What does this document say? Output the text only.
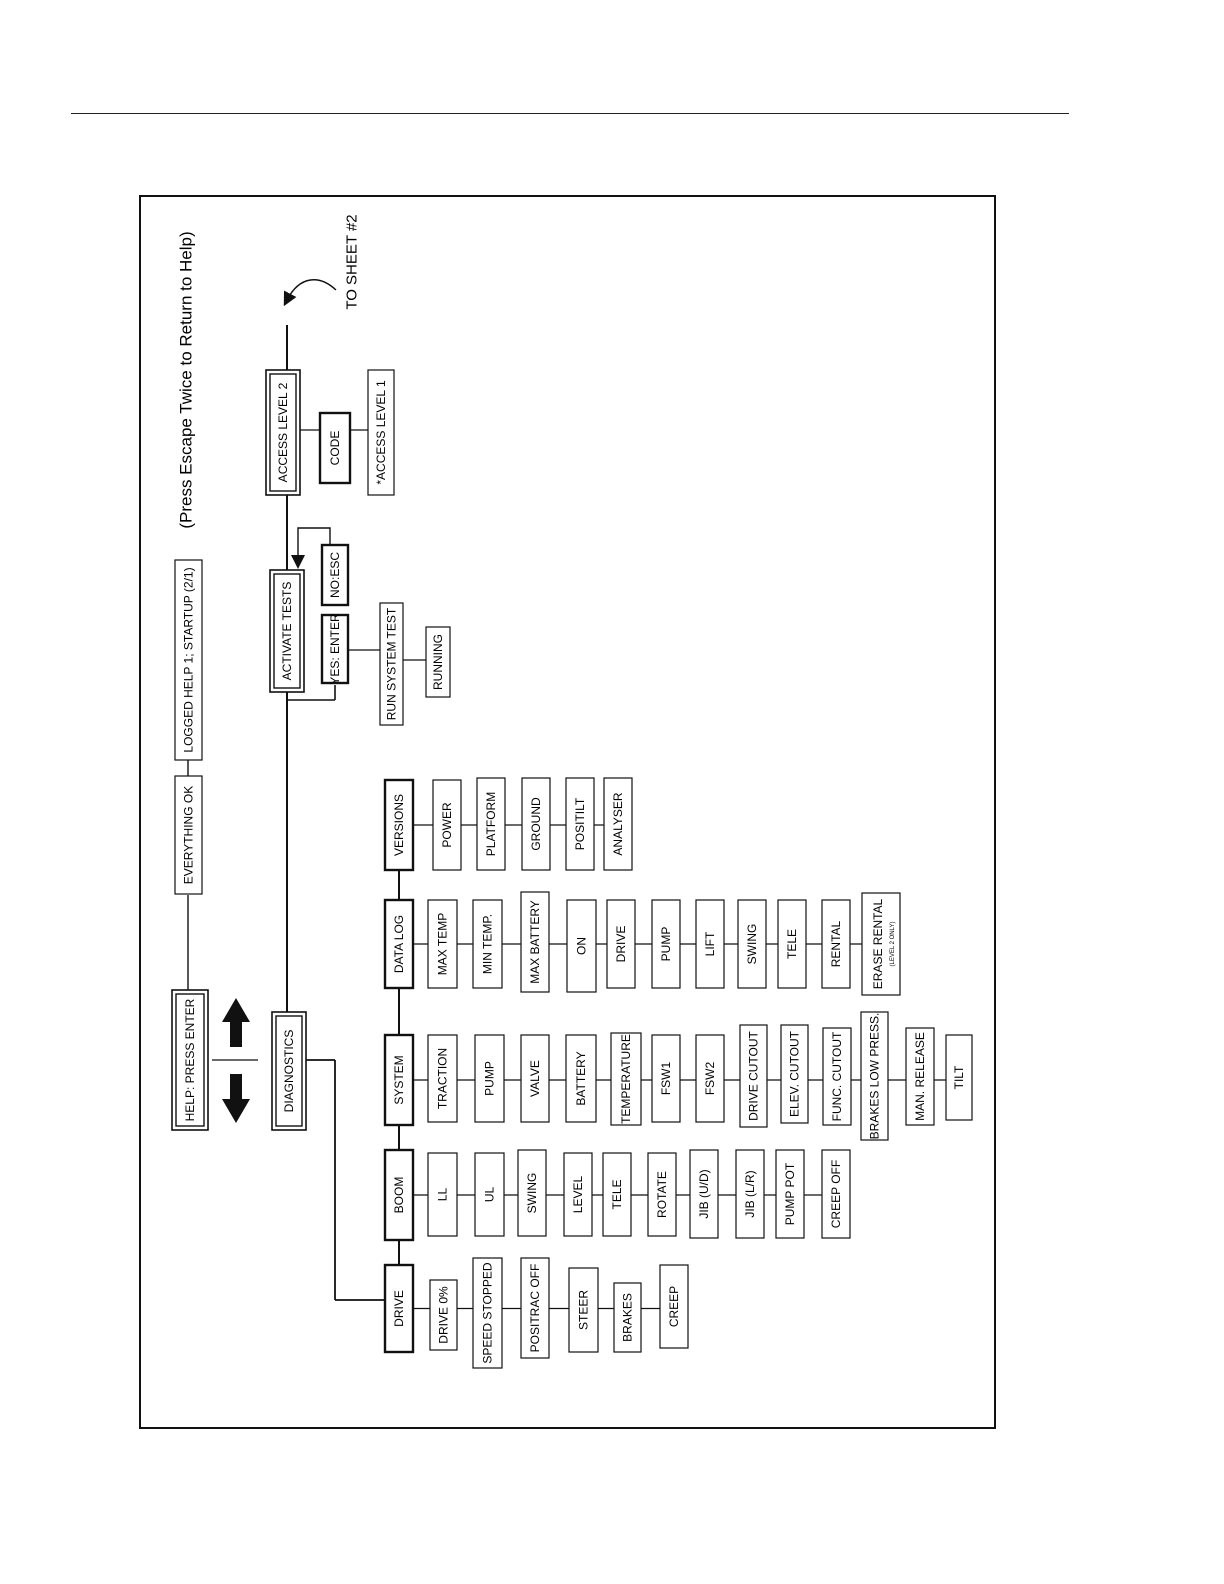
HELP: PRESS ENTER
EVERYTHING OK
LOGGED HELP 1; STARTUP (2/1)
(Press Escape Twice to Return to Help)
DIAGNOSTICS
ACTIVATE TESTS
ACCESS LEVEL 2
TO SHEET #2
YES: ENTER
NO:ESC
RUN SYSTEM TEST	RUNNING
CODE	*ACCESS LEVEL 1
DRIVE
BOOM
SYSTEM
DATA LOG
VERSIONS
DRIVE 0%	SPEED STOPPED	POSITRAC OFF	STEER	BRAKES	CREEP
LL	UL SWING	LEVEL TELE	ROTATE JIB (U/D)	JIB (L/R) PUMP POT	CREEP OFF
TRACTION	PUMP	VALVE	BATTERY	TEMPERATURE FSW1	FSW2 DRIVE CUTOUT ELEV. CUTOUT FUNC. CUTOUT BRAKES LOW PRESS.	MAN. RELEASE TILT
MAX TEMP	MIN TEMP.	MAX BATTERY	ON DRIVE	PUMP	LIFT SWING TELE	RENTAL ERASE RENTAL
POWER	PLATFORM	GROUND	POSITILT ANALYSER
(LEVEL 2 ONLY)
